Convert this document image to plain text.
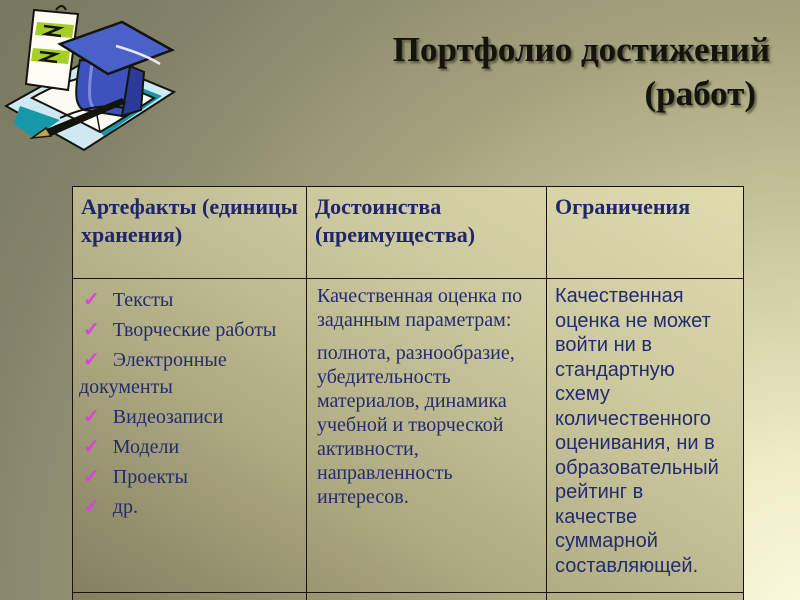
Портфолио достижений
(работ)
Артефакты (единицы хранения)
Достоинства (преимущества)
Ограничения
✓ Тексты
✓ Творческие работы
✓ Электронные документы
✓ Видеозаписи
✓ Модели
✓ Проекты
✓ др.

Качественная оценка по заданным параметрам:

полнота, разнообразие, убедительность материалов, динамика учебной и творческой активности, направленность интересов.

Качественная оценка не может войти ни в стандартную схему количественного оценивания, ни в образовательный рейтинг в качестве суммарной составляющей.
